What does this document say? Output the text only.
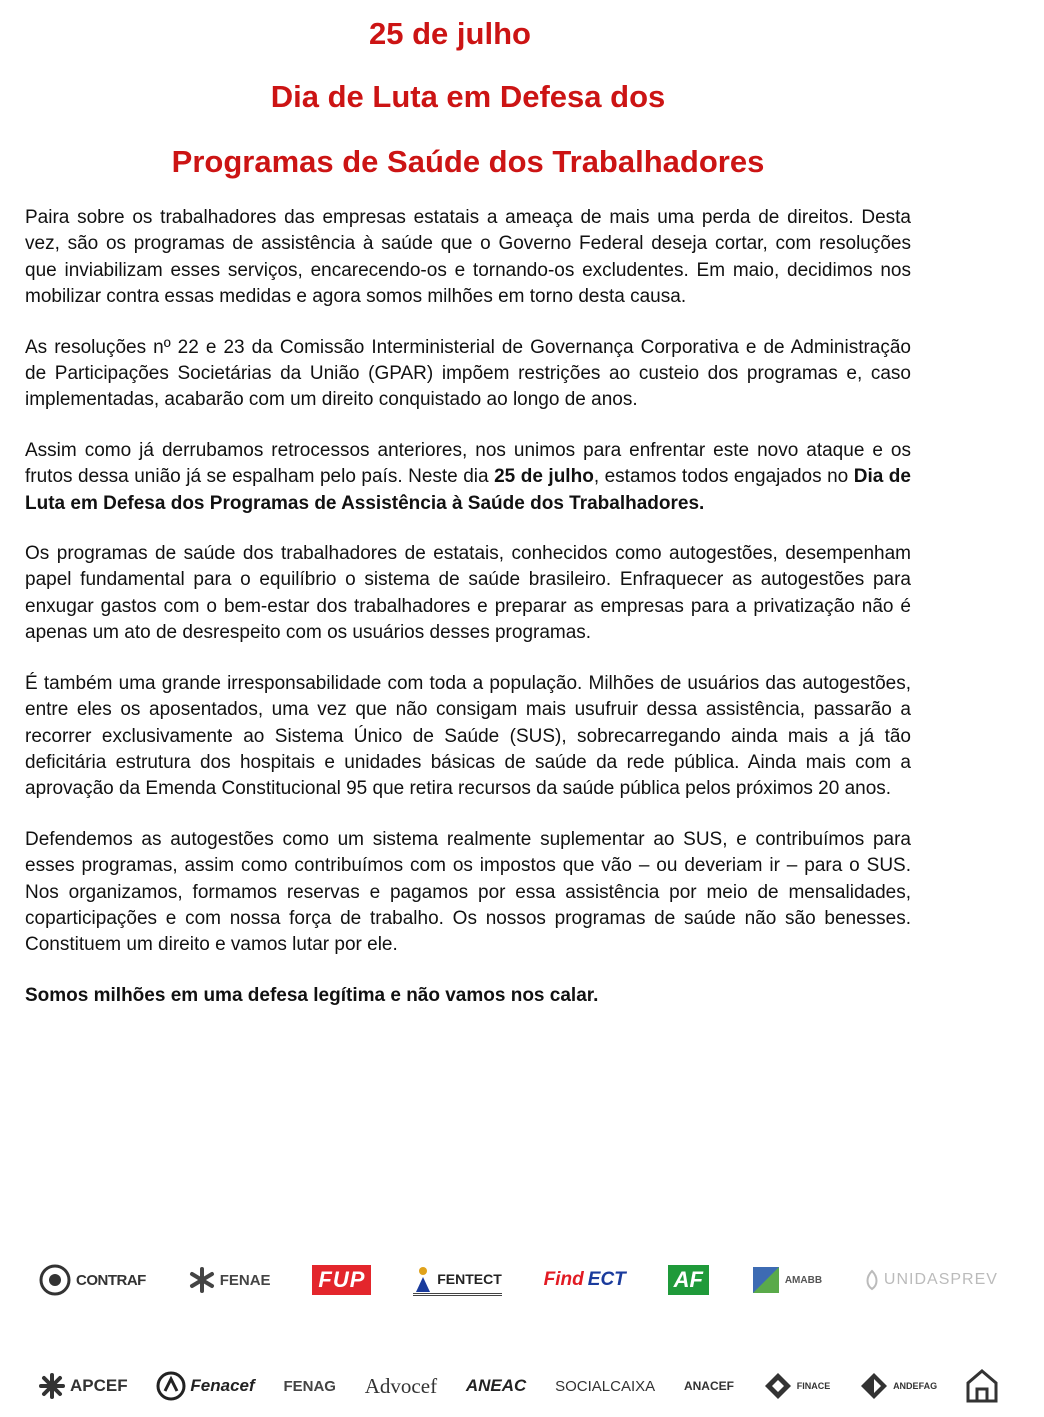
25 de julho
Dia de Luta em Defesa dos
Programas de Saúde dos Trabalhadores

Paira sobre os trabalhadores das empresas estatais a ameaça de mais uma perda de direitos. Desta vez, são os programas de assistência à saúde que o Governo Federal deseja cortar, com resoluções que inviabilizam esses serviços, encarecendo-os e tornando-os excludentes. Em maio, decidimos nos mobilizar contra essas medidas e agora somos milhões em torno desta causa.

As resoluções nº 22 e 23 da Comissão Interministerial de Governança Corporativa e de Administração de Participações Societárias da União (GPAR) impõem restrições ao custeio dos programas e, caso implementadas, acabarão com um direito conquistado ao longo de anos.

Assim como já derrubamos retrocessos anteriores, nos unimos para enfrentar este novo ataque e os frutos dessa união já se espalham pelo país. Neste dia 25 de julho, estamos todos engajados no Dia de Luta em Defesa dos Programas de Assistência à Saúde dos Trabalhadores.

Os programas de saúde dos trabalhadores de estatais, conhecidos como autogestões, desempenham papel fundamental para o equilíbrio o sistema de saúde brasileiro. Enfraquecer as autogestões para enxugar gastos com o bem-estar dos trabalhadores e preparar as empresas para a privatização não é apenas um ato de desrespeito com os usuários desses programas.

É também uma grande irresponsabilidade com toda a população. Milhões de usuários das autogestões, entre eles os aposentados, uma vez que não consigam mais usufruir dessa assistência, passarão a recorrer exclusivamente ao Sistema Único de Saúde (SUS), sobrecarregando ainda mais a já tão deficitária estrutura dos hospitais e unidades básicas de saúde da rede pública. Ainda mais com a aprovação da Emenda Constitucional 95 que retira recursos da saúde pública pelos próximos 20 anos.

Defendemos as autogestões como um sistema realmente suplementar ao SUS, e contribuímos para esses programas, assim como contribuímos com os impostos que vão – ou deveriam ir – para o SUS. Nos organizamos, formamos reservas e pagamos por essa assistência por meio de mensalidades, coparticipações e com nossa força de trabalho. Os nossos programas de saúde não são benesses. Constituem um direito e vamos lutar por ele.

Somos milhões em uma defesa legítima e não vamos nos calar.

CONTRAF	FENAE FUP	FENTECT Find ECT AF	AMABB	UNIDASPREV
APCEF	Fenacef FENAG Advocef ANEAC SOCIALCAIXA ANACEF	FINACE	ANDEFAG
